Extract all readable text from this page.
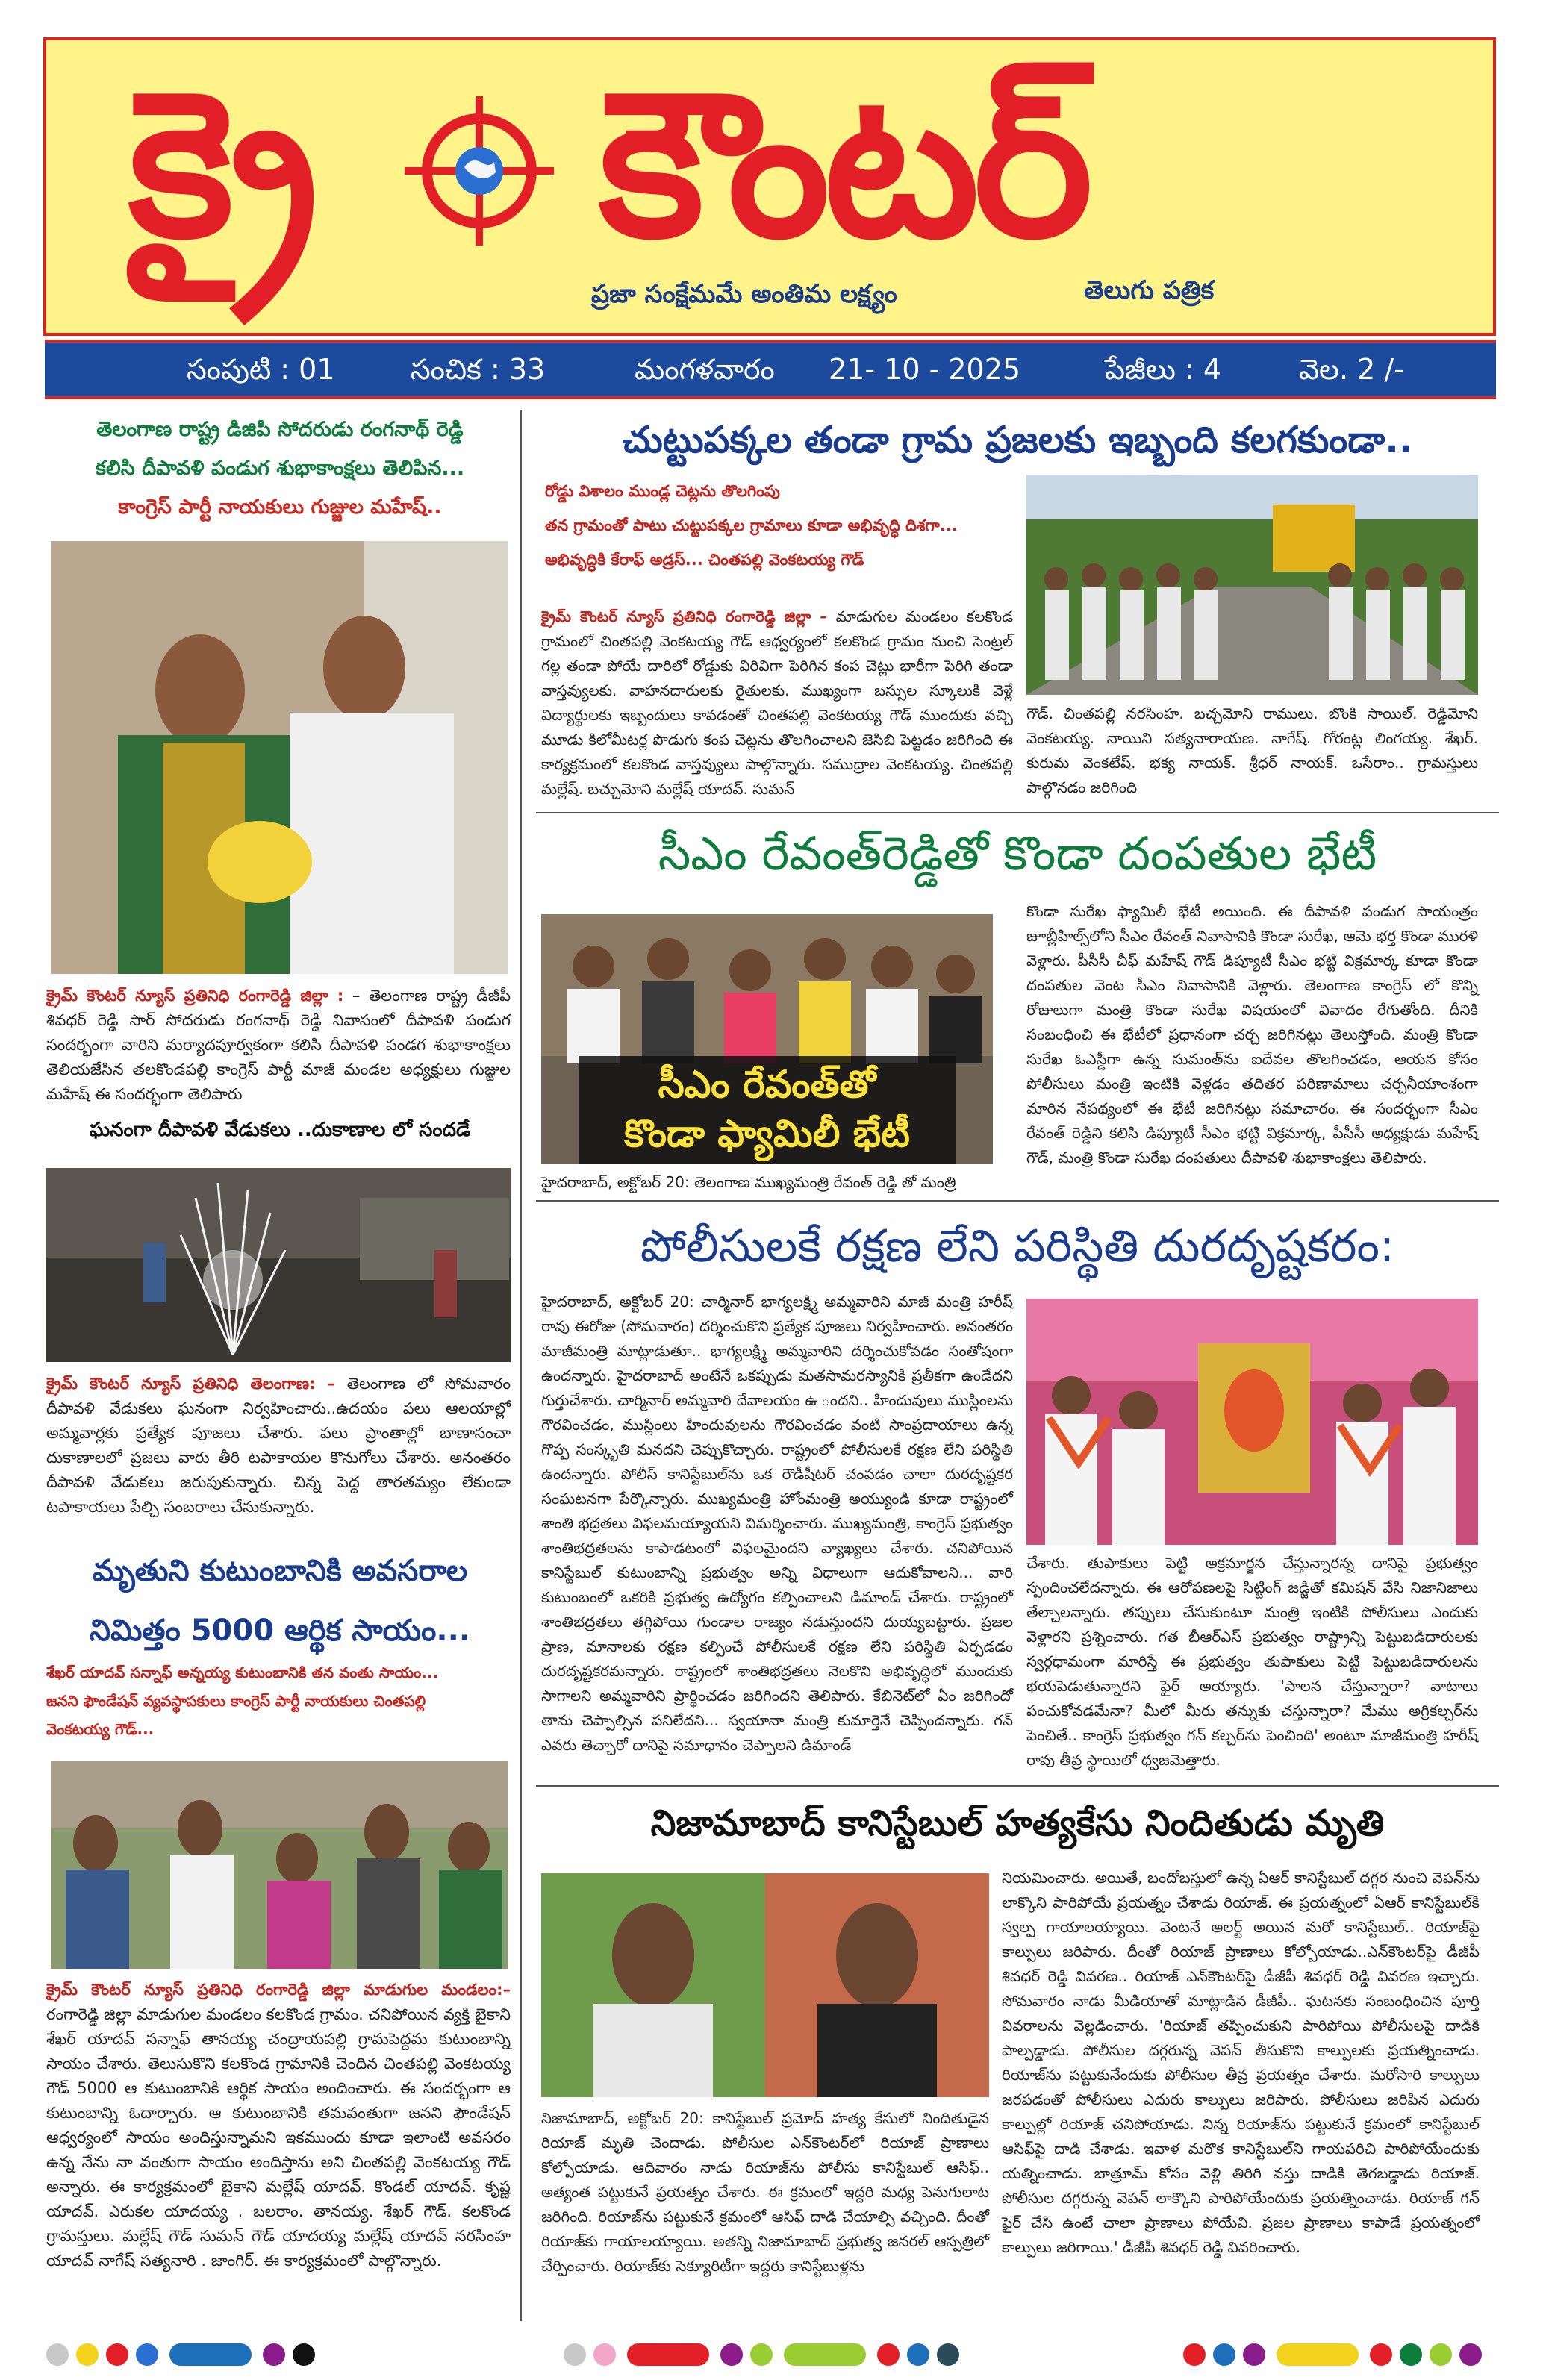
క్రై కౌంటర్
ప్రజా సంక్షేమమే అంతిమ లక్ష్యం	తెలుగు పత్రిక
సంపుటి : 01	సంచిక : 33	మంగళవారం 21- 10 - 2025	పేజీలు : 4	వెల. 2 /-
తెలంగాణ రాష్ట్ర డిజిపి సోదరుడు రంగనాథ్ రెడ్డి
కలిసి దీపావళి పండుగ శుభాకాంక్షలు తెలిపిన...
కాంగ్రెస్ పార్టీ నాయకులు గుజ్జుల మహేష్..
క్రైమ్ కౌంటర్ న్యూస్ ప్రతినిధి రంగారెడ్డి జిల్లా : – తెలంగాణ రాష్ట్ర డీజీపీ శివధర్ రెడ్డి సార్ సోదరుడు రంగనాథ్ రెడ్డి నివాసంలో దీపావళి పండుగ సందర్భంగా వారిని మర్యాదపూర్వకంగా కలిసి దీపావళి పండగ శుభాకాంక్షలు తెలియజేసిన తలకొండపల్లి కాంగ్రెస్ పార్టీ మాజీ మండల అధ్యక్షులు గుజ్జుల మహేష్ ఈ సందర్భంగా తెలిపారు
ఘనంగా దీపావళి వేడుకలు ..దుకాణాల లో సందడే
క్రైమ్ కౌంటర్ న్యూస్ ప్రతినిధి తెలంగాణ: – తెలంగాణ లో సోమవారం దీపావళి వేడుకలు ఘనంగా నిర్వహించారు..ఉదయం పలు ఆలయాల్లో అమ్మవార్లకు ప్రత్యేక పూజలు చేశారు. పలు ప్రాంతాల్లో బాణాసంచా దుకాణాలలో ప్రజలు వారు తీరి టపాకాయల కొనుగోలు చేశారు. అనంతరం దీపావళి వేడుకలు జరుపుకున్నారు. చిన్న పెద్ద తారతమ్యం లేకుండా టపాకాయలు పేల్చి సంబరాలు చేసుకున్నారు.
మృతుని కుటుంబానికి అవసరాల
నిమిత్తం 5000 ఆర్థిక సాయం...
శేఖర్ యాదవ్ సన్నాఫ్ అన్నయ్య కుటుంబానికి తన వంతు సాయం...
జనని ఫౌండేషన్ వ్యవస్థాపకులు కాంగ్రెస్ పార్టీ నాయకులు చింతపల్లి
వెంకటయ్య గౌడ్...
క్రైమ్ కౌంటర్ న్యూస్ ప్రతినిధి రంగారెడ్డి జిల్లా మాడుగుల మండలం:– రంగారెడ్డి జిల్లా మాడుగుల మండలం కలకొండ గ్రామం. చనిపోయిన వ్యక్తి బైకాని శేఖర్ యాదవ్ సన్నాఫ్ తానయ్య చంద్రాయపల్లి గ్రామపెద్దమ కుటుంబాన్ని సాయం చేశారు. తెలుసుకొని కలకొండ గ్రామానికి చెందిన చింతపల్లి వెంకటయ్య గౌడ్ 5000 ఆ కుటుంబానికి ఆర్థిక సాయం అందించారు. ఈ సందర్భంగా ఆ కుటుంబాన్ని ఓదార్చారు. ఆ కుటుంబానికి తమవంతుగా జనని ఫౌండేషన్ ఆధ్వర్యంలో సాయం అందిస్తున్నామని ఇకముందు కూడా ఇలాంటి అవసరం ఉన్న నేను నా వంతుగా సాయం అందిస్తాను అని చింతపల్లి వెంకటయ్య గౌడ్ అన్నారు. ఈ కార్యక్రమంలో బైకాని మల్లేష్ యాదవ్. కొండల్ యాదవ్. కృష్ణ యాదవ్. ఎరుకల యాదయ్య . బలరాం. తానయ్య. శేఖర్ గౌడ్. కలకొండ గ్రామస్తులు. మల్లేష్ గౌడ్ సుమన్ గౌడ్ యాదయ్య మల్లేష్ యాదవ్ నరసింహ యాదవ్ నాగేష్ సత్యనారి . జాంగిర్. ఈ కార్యక్రమంలో పాల్గొన్నారు.
చుట్టుపక్కల తండా గ్రామ ప్రజలకు ఇబ్బంది కలగకుండా..
రోడ్డు విశాలం ముండ్ల చెట్లను తొలగింపు
తన గ్రామంతో పాటు చుట్టుపక్కల గ్రామాలు కూడా అభివృద్ధి దిశగా...
అభివృద్ధికి కేరాఫ్ అడ్రస్... చింతపల్లి వెంకటయ్య గౌడ్
క్రైమ్ కౌంటర్ న్యూస్ ప్రతినిధి రంగారెడ్డి జిల్లా – మాడుగుల మండలం కలకొండ గ్రామంలో చింతపల్లి వెంకటయ్య గౌడ్ ఆధ్వర్యంలో కలకొండ గ్రామం నుంచి సెంట్రల్ గల్ల తండా పోయే దారిలో రోడ్డుకు విరివిగా పెరిగిన కంప చెట్లు భారీగా పెరిగి తండా వాస్తవ్యులకు. వాహనదారులకు రైతులకు. ముఖ్యంగా బస్సుల స్కూలుకి వెళ్లే విద్యార్థులకు ఇబ్బందులు కావడంతో చింతపల్లి వెంకటయ్య గౌడ్ ముందుకు వచ్చి మూడు కిలోమీటర్ల పొడుగు కంప చెట్లను తొలగించాలని జెసిబి పెట్టడం జరిగింది ఈ కార్యక్రమంలో కలకొండ వాస్తవ్యులు పాల్గొన్నారు. సముద్రాల వెంకటయ్య. చింతపల్లి మల్లేష్. బచ్చుమోని మల్లేష్ యాదవ్. సుమన్
గౌడ్. చింతపల్లి నరసింహ. బచ్చమోని రాములు. బొంకి సాయిల్. రెడ్డిమోని వెంకటయ్య. నాయిని సత్యనారాయణ. నాగేష్. గోరంట్ల లింగయ్య. శేఖర్. కురుమ వెంకటేష్. భక్య నాయక్. శ్రీధర్ నాయక్. ఒసేరాం.. గ్రామస్తులు పాల్గొనడం జరిగింది
సీఎం రేవంత్‌రెడ్డితో కొండా దంపతుల భేటీ
సీఎం రేవంత్‌తో
కొండా ఫ్యామిలీ భేటీ
హైదరాబాద్, అక్టోబర్ 20: తెలంగాణ ముఖ్యమంత్రి రేవంత్ రెడ్డి తో మంత్రి
కొండా సురేఖ ఫ్యామిలీ భేటీ అయింది. ఈ దీపావళి పండుగ సాయంత్రం జూబ్లీహిల్స్‌లోని సీఎం రేవంత్ నివాసానికి కొండా సురేఖ, ఆమె భర్త కొండా మురళి వెళ్లారు. పీసీసీ చీఫ్ మహేష్ గౌడ్ డిప్యూటీ సీఎం భట్టి విక్రమార్క కూడా కొండా దంపతుల వెంట సీఎం నివాసానికి వెళ్లారు. తెలంగాణ కాంగ్రెస్ లో కొన్ని రోజులుగా మంత్రి కొండా సురేఖ విషయంలో వివాదం రేగుతోంది. దీనికి సంబంధించి ఈ భేటీలో ప్రధానంగా చర్చ జరిగినట్లు తెలుస్తోంది. మంత్రి కొండా సురేఖ ఓఎస్డీగా ఉన్న సుమంత్‌ను ఐదేవల తొలగించడం, ఆయన కోసం పోలీసులు మంత్రి ఇంటికి వెళ్లడం తదితర పరిణామాలు చర్చనీయాంశంగా మారిన నేపథ్యంలో ఈ భేటీ జరిగినట్లు సమాచారం. ఈ సందర్భంగా సీఎం రేవంత్ రెడ్డిని కలిసి డిప్యూటీ సీఎం భట్టి విక్రమార్క, పీసీసీ అధ్యక్షుడు మహేష్ గౌడ్, మంత్రి కొండా సురేఖ దంపతులు దీపావళి శుభాకాంక్షలు తెలిపారు.
పోలీసులకే రక్షణ లేని పరిస్థితి దురదృష్టకరం:
హైదరాబాద్, అక్టోబర్ 20: చార్మినార్ భాగ్యలక్ష్మి అమ్మవారిని మాజీ మంత్రి హరీష్ రావు ఈరోజు (సోమవారం) దర్శించుకొని ప్రత్యేక పూజలు నిర్వహించారు. అనంతరం మాజీమంత్రి మాట్లాడుతూ.. భాగ్యలక్ష్మి అమ్మవారిని దర్శించుకోవడం సంతోషంగా ఉందన్నారు. హైదరాబాద్ అంటేనే ఒకప్పుడు మతసామరస్యానికి ప్రతీకగా ఉండేదని గుర్తుచేశారు. చార్మినార్ అమ్మవారి దేవాలయం ఉ ందని.. హిందువులు ముస్లింలను గౌరవించడం, ముస్లింలు హిందువులను గౌరవించడం వంటి సాంప్రదాయాలు ఉన్న గొప్ప సంస్కృతి మనదని చెప్పుకొచ్చారు. రాష్ట్రంలో పోలీసులకే రక్షణ లేని పరిస్థితి ఉందన్నారు. పోలీస్ కానిస్టేబుల్‌ను ఒక రౌడీషీటర్ చంపడం చాలా దురదృష్టకర సంఘటనగా పేర్కొన్నారు. ముఖ్యమంత్రి హోంమంత్రి అయ్యుండి కూడా రాష్ట్రంలో శాంతి భద్రతలు విఫలమయ్యాయని విమర్శించారు. ముఖ్యమంత్రి, కాంగ్రెస్ ప్రభుత్వం శాంతిభద్రతలను కాపాడటంలో విఫలమైందని వ్యాఖ్యలు చేశారు. చనిపోయిన కానిస్టేబుల్ కుటుంబాన్ని ప్రభుత్వం అన్ని విధాలుగా ఆదుకోవాలని... వారి కుటుంబంలో ఒకరికి ప్రభుత్వ ఉద్యోగం కల్పించాలని డిమాండ్ చేశారు. రాష్ట్రంలో శాంతిభద్రతలు తగ్గిపోయి గుండాల రాజ్యం నడుస్తుందని దుయ్యబట్టారు. ప్రజల ప్రాణ, మానాలకు రక్షణ కల్పించే పోలీసులకే రక్షణ లేని పరిస్థితి ఏర్పడడం దురదృష్టకరమన్నారు. రాష్ట్రంలో శాంతిభద్రతలు నెలకొని అభివృద్ధిలో ముందుకు సాగాలని అమ్మవారిని ప్రార్థించడం జరిగిందని తెలిపారు. కేబినెట్‌లో ఏం జరిగిందో తాను చెప్పాల్సిన పనిలేదని... స్వయానా మంత్రి కుమార్తెనే చెప్పిందన్నారు. గన్ ఎవరు తెచ్చారో దానిపై సమాధానం చెప్పాలని డిమాండ్
చేశారు. తుపాకులు పెట్టి అక్రమార్జన చేస్తున్నారన్న దానిపై ప్రభుత్వం స్పందించలేదన్నారు. ఈ ఆరోపణలపై సిట్టింగ్ జడ్జితో కమిషన్ వేసి నిజానిజాలు తేల్చాలన్నారు. తప్పులు చేసుకుంటూ మంత్రి ఇంటికి పోలీసులు ఎందుకు వెళ్లారని ప్రశ్నించారు. గత బీఆర్ఎస్ ప్రభుత్వం రాష్ట్రాన్ని పెట్టుబడిదారులకు స్వర్గధామంగా మారిస్తే ఈ ప్రభుత్వం తుపాకులు పెట్టి పెట్టుబడిదారులను భయపెడుతున్నారని ఫైర్ అయ్యారు. 'పాలన చేస్తున్నారా? వాటాలు పంచుకోవడమేనా? మీలో మీరు తన్నుకు చస్తున్నారా? మేము అగ్రికల్చర్‌ను పెంచితే.. కాంగ్రెస్ ప్రభుత్వం గన్ కల్చర్‌ను పెంచింది' అంటూ మాజీమంత్రి హరీష్ రావు తీవ్ర స్థాయిలో ధ్వజమెత్తారు.
నిజామాబాద్ కానిస్టేబుల్ హత్యకేసు నిందితుడు మృతి
నిజామాబాద్, అక్టోబర్ 20: కానిస్టేబుల్ ప్రమోద్ హత్య కేసులో నిందితుడైన రియాజ్ మృతి చెందాడు. పోలీసుల ఎన్‌కౌంటర్‌లో రియాజ్ ప్రాణాలు కోల్పోయాడు. ఆదివారం నాడు రియాజ్‌ను పోలీసు కానిస్టేబుల్ ఆసిఫ్.. అత్యంత పట్టుకునే ప్రయత్నం చేశారు. ఈ క్రమంలో ఇద్దరి మధ్య పెనుగులాట జరిగింది. రియాజ్‌ను పట్టుకునే క్రమంలో ఆసిఫ్ దాడి చేయాల్సి వచ్చింది. దీంతో రియాజ్‌కు గాయాలయ్యాయి. అతన్ని నిజామాబాద్ ప్రభుత్వ జనరల్ ఆస్పత్రిలో చేర్పించారు. రియాజ్‌కు సెక్యూరిటీగా ఇద్దరు కానిస్టేబుళ్లను
నియమించారు. అయితే, బందోబస్తులో ఉన్న ఏఆర్ కానిస్టేబుల్ దగ్గర నుంచి వెపన్‌ను లాక్కొని పారిపోయే ప్రయత్నం చేశాడు రియాజ్. ఈ ప్రయత్నంలో ఏఆర్ కానిస్టేబుల్‌కి స్వల్ప గాయాలయ్యాయి. వెంటనే అలర్ట్ అయిన మరో కానిస్టేబుల్.. రియాజ్‌పై కాల్పులు జరిపారు. దీంతో రియాజ్ ప్రాణాలు కోల్పోయాడు..ఎన్‌కౌంటర్‌పై డీజీపీ శివధర్ రెడ్డి వివరణ.. రియాజ్ ఎన్‌కౌంటర్‌పై డీజీపీ శివధర్ రెడ్డి వివరణ ఇచ్చారు. సోమవారం నాడు మీడియాతో మాట్లాడిన డీజీపీ.. ఘటనకు సంబంధించిన పూర్తి వివరాలను వెల్లడించారు. 'రియాజ్ తప్పించుకుని పారిపోయి పోలీసులపై దాడికి పాల్పడ్డాడు. పోలీసుల దగ్గరున్న వెపన్ తీసుకొని కాల్పులకు ప్రయత్నించాడు. రియాజ్‌ను పట్టుకునేందుకు పోలీసుల తీవ్ర ప్రయత్నం చేశారు. మరోసారి కాల్పులు జరపడంతో పోలీసులు ఎదురు కాల్పులు జరిపారు. పోలీసులు జరిపిన ఎదురు కాల్పుల్లో రియాజ్ చనిపోయాడు. నిన్న రియాజ్‌ను పట్టుకునే క్రమంలో కానిస్టేబుల్ ఆసిఫ్‌పై దాడి చేశాడు. ఇవాళ మరొక కానిస్టేబుల్‌ని గాయపరిచి పారిపోయేందుకు యత్నించాడు. బాత్రూమ్ కోసం వెళ్లి తిరిగి వస్తు దాడికి తెగబడ్డాడు రియాజ్. పోలీసుల దగ్గరున్న వెపన్ లాక్కొని పారిపోయేందుకు ప్రయత్నించాడు. రియాజ్ గన్ ఫైర్ చేసి ఉంటే చాలా ప్రాణాలు పోయేవి. ప్రజల ప్రాణాలు కాపాడే ప్రయత్నంలో కాల్పులు జరిగాయి.' డీజీపీ శివధర్ రెడ్డి వివరించారు.
